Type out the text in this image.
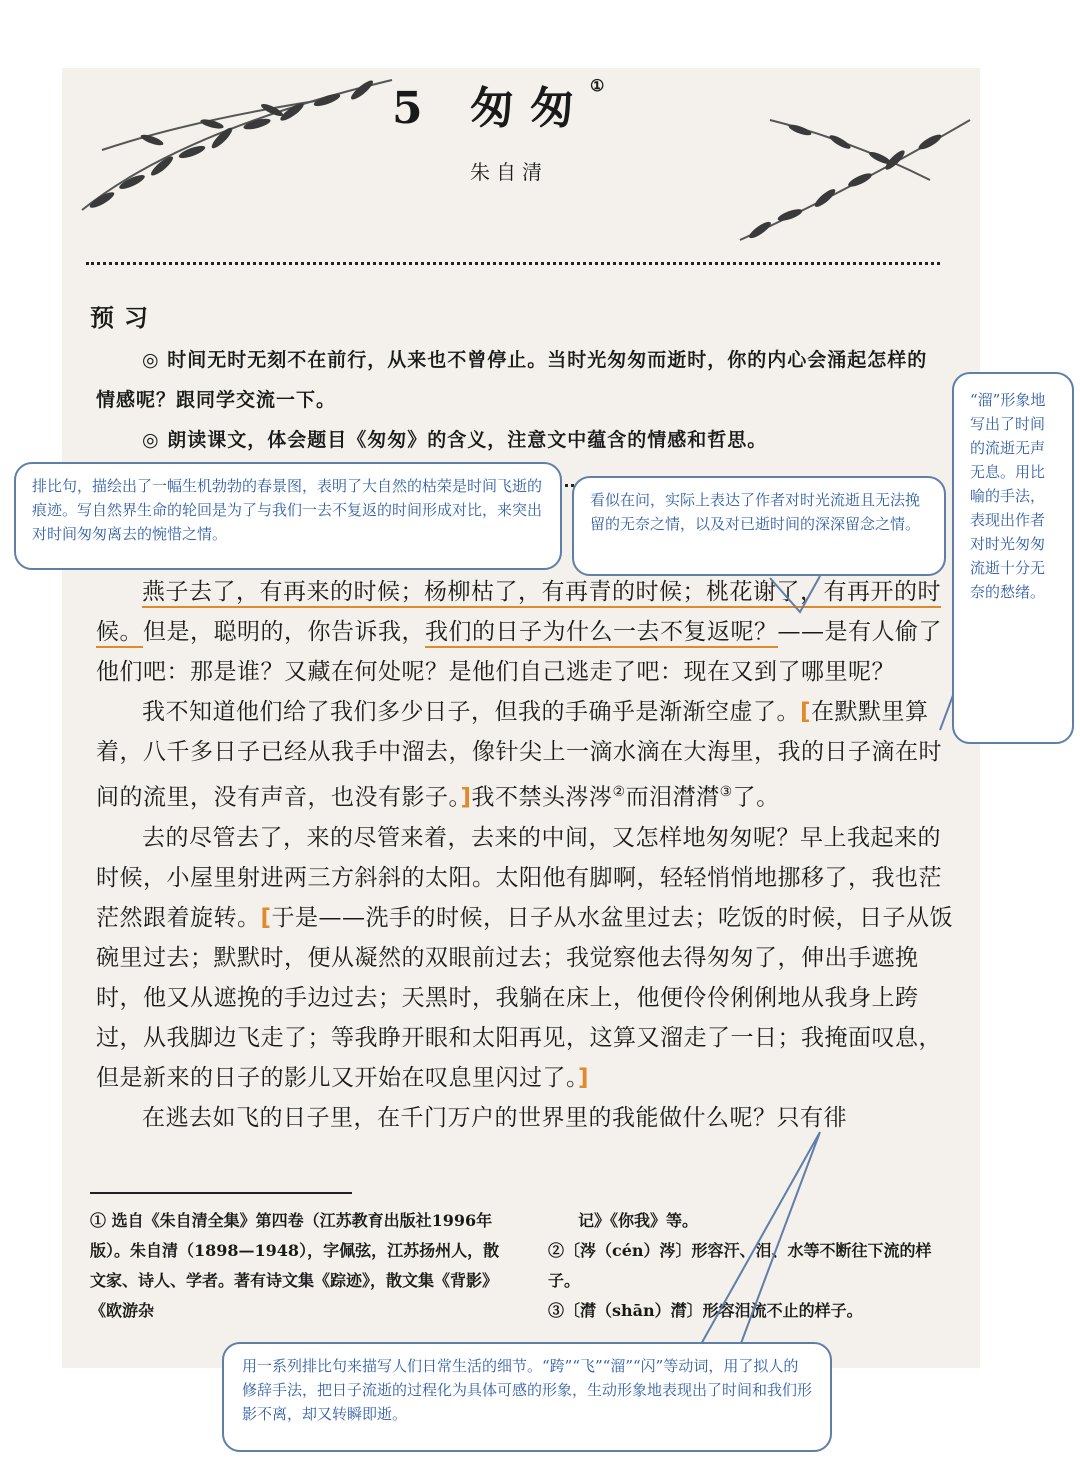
5 匆匆①
朱自清
预习
◎ 时间无时无刻不在前行，从来也不曾停止。当时光匆匆而逝时，你的内心会涌起怎样的情感呢？跟同学交流一下。
◎ 朗读课文，体会题目《匆匆》的含义，注意文中蕴含的情感和哲思。

燕子去了，有再来的时候；杨柳枯了，有再青的时候；桃花谢了，有再开的时候。但是，聪明的，你告诉我，我们的日子为什么一去不复返呢？——是有人偷了他们吧：那是谁？又藏在何处呢？是他们自己逃走了吧：现在又到了哪里呢？

我不知道他们给了我们多少日子，但我的手确乎是渐渐空虚了。[在默默里算着，八千多日子已经从我手中溜去，像针尖上一滴水滴在大海里，我的日子滴在时间的流里，没有声音，也没有影子。]我不禁头涔涔②而泪潸潸③了。

去的尽管去了，来的尽管来着，去来的中间，又怎样地匆匆呢？早上我起来的时候，小屋里射进两三方斜斜的太阳。太阳他有脚啊，轻轻悄悄地挪移了，我也茫茫然跟着旋转。[于是——洗手的时候，日子从水盆里过去；吃饭的时候，日子从饭碗里过去；默默时，便从凝然的双眼前过去；我觉察他去得匆匆了，伸出手遮挽时，他又从遮挽的手边过去；天黑时，我躺在床上，他便伶伶俐俐地从我身上跨过，从我脚边飞走了；等我睁开眼和太阳再见，这算又溜走了一日；我掩面叹息，但是新来的日子的影儿又开始在叹息里闪过了。]

在逃去如飞的日子里，在千门万户的世界里的我能做什么呢？只有徘

① 选自《朱自清全集》第四卷（江苏教育出版社1996年版）。朱自清（1898—1948），字佩弦，江苏扬州人，散文家、诗人、学者。著有诗文集《踪迹》，散文集《背影》《欧游杂
记》《你我》等。
②〔涔（cén）涔〕形容汗、泪、水等不断往下流的样子。
③〔潸（shān）潸〕形容泪流不止的样子。
排比句，描绘出了一幅生机勃勃的春景图，表明了大自然的枯荣是时间飞逝的痕迹。写自然界生命的轮回是为了与我们一去不复返的时间形成对比，来突出对时间匆匆离去的惋惜之情。
看似在问，实际上表达了作者对时光流逝且无法挽留的无奈之情，以及对已逝时间的深深留念之情。
“溜”形象地写出了时间的流逝无声无息。用比喻的手法，表现出作者对时光匆匆流逝十分无奈的愁绪。
用一系列排比句来描写人们日常生活的细节。“跨”“飞”“溜”“闪”等动词，用了拟人的修辞手法，把日子流逝的过程化为具体可感的形象，生动形象地表现出了时间和我们形影不离，却又转瞬即逝。
